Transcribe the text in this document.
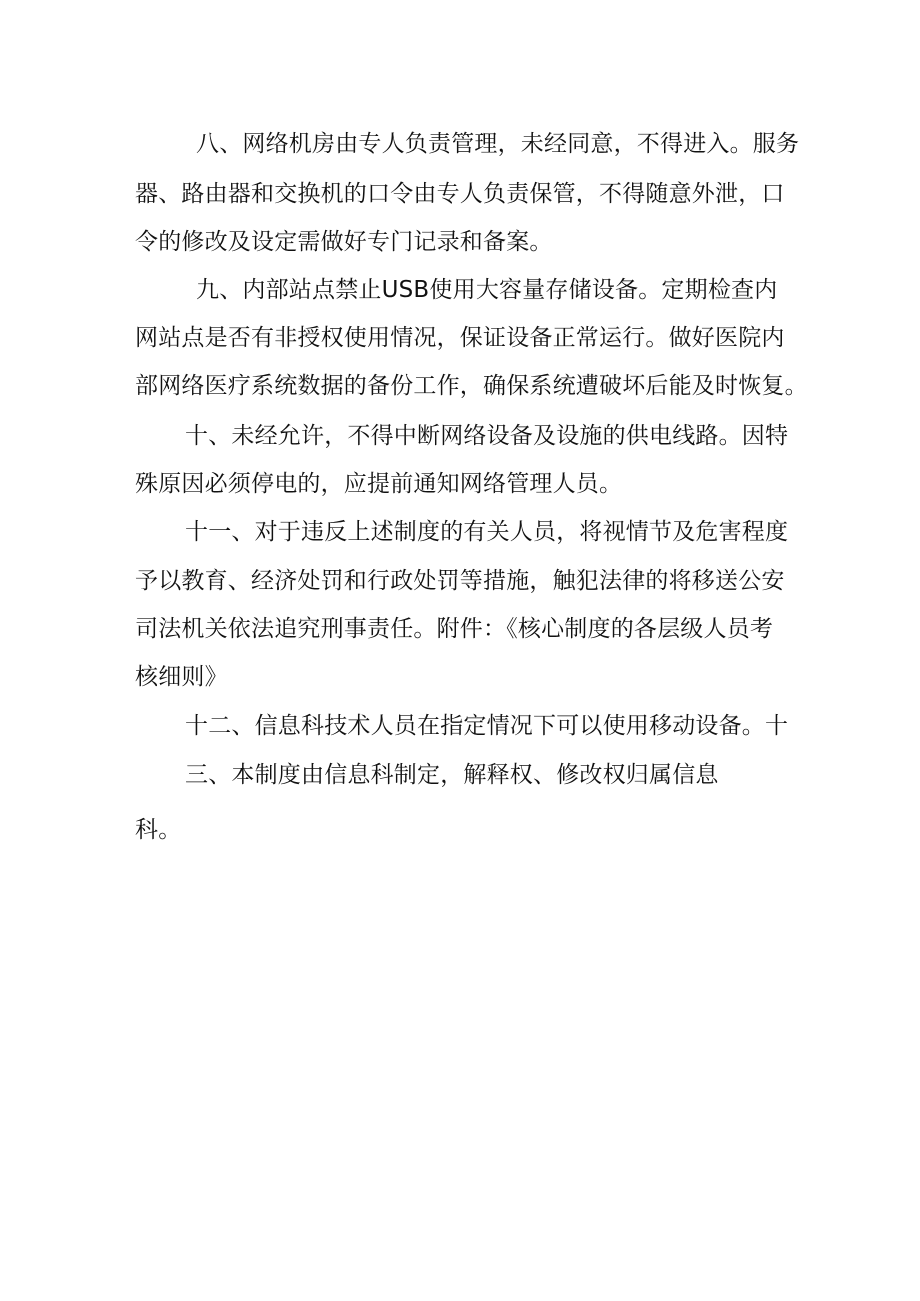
八、网络机房由专人负责管理，未经同意，不得进入。服务
器、路由器和交换机的口令由专人负责保管，不得随意外泄，口
令的修改及设定需做好专门记录和备案。
九、内部站点禁止USB使用大容量存储设备。定期检查内
网站点是否有非授权使用情况，保证设备正常运行。做好医院内
部网络医疗系统数据的备份工作，确保系统遭破坏后能及时恢复。
十、未经允许，不得中断网络设备及设施的供电线路。因特
殊原因必须停电的，应提前通知网络管理人员。
十一、对于违反上述制度的有关人员，将视情节及危害程度
予以教育、经济处罚和行政处罚等措施，触犯法律的将移送公安
司法机关依法追究刑事责任。附件：《核心制度的各层级人员考
核细则》
十二、信息科技术人员在指定情况下可以使用移动设备。十
三、本制度由信息科制定，解释权、修改权归属信息
科。
